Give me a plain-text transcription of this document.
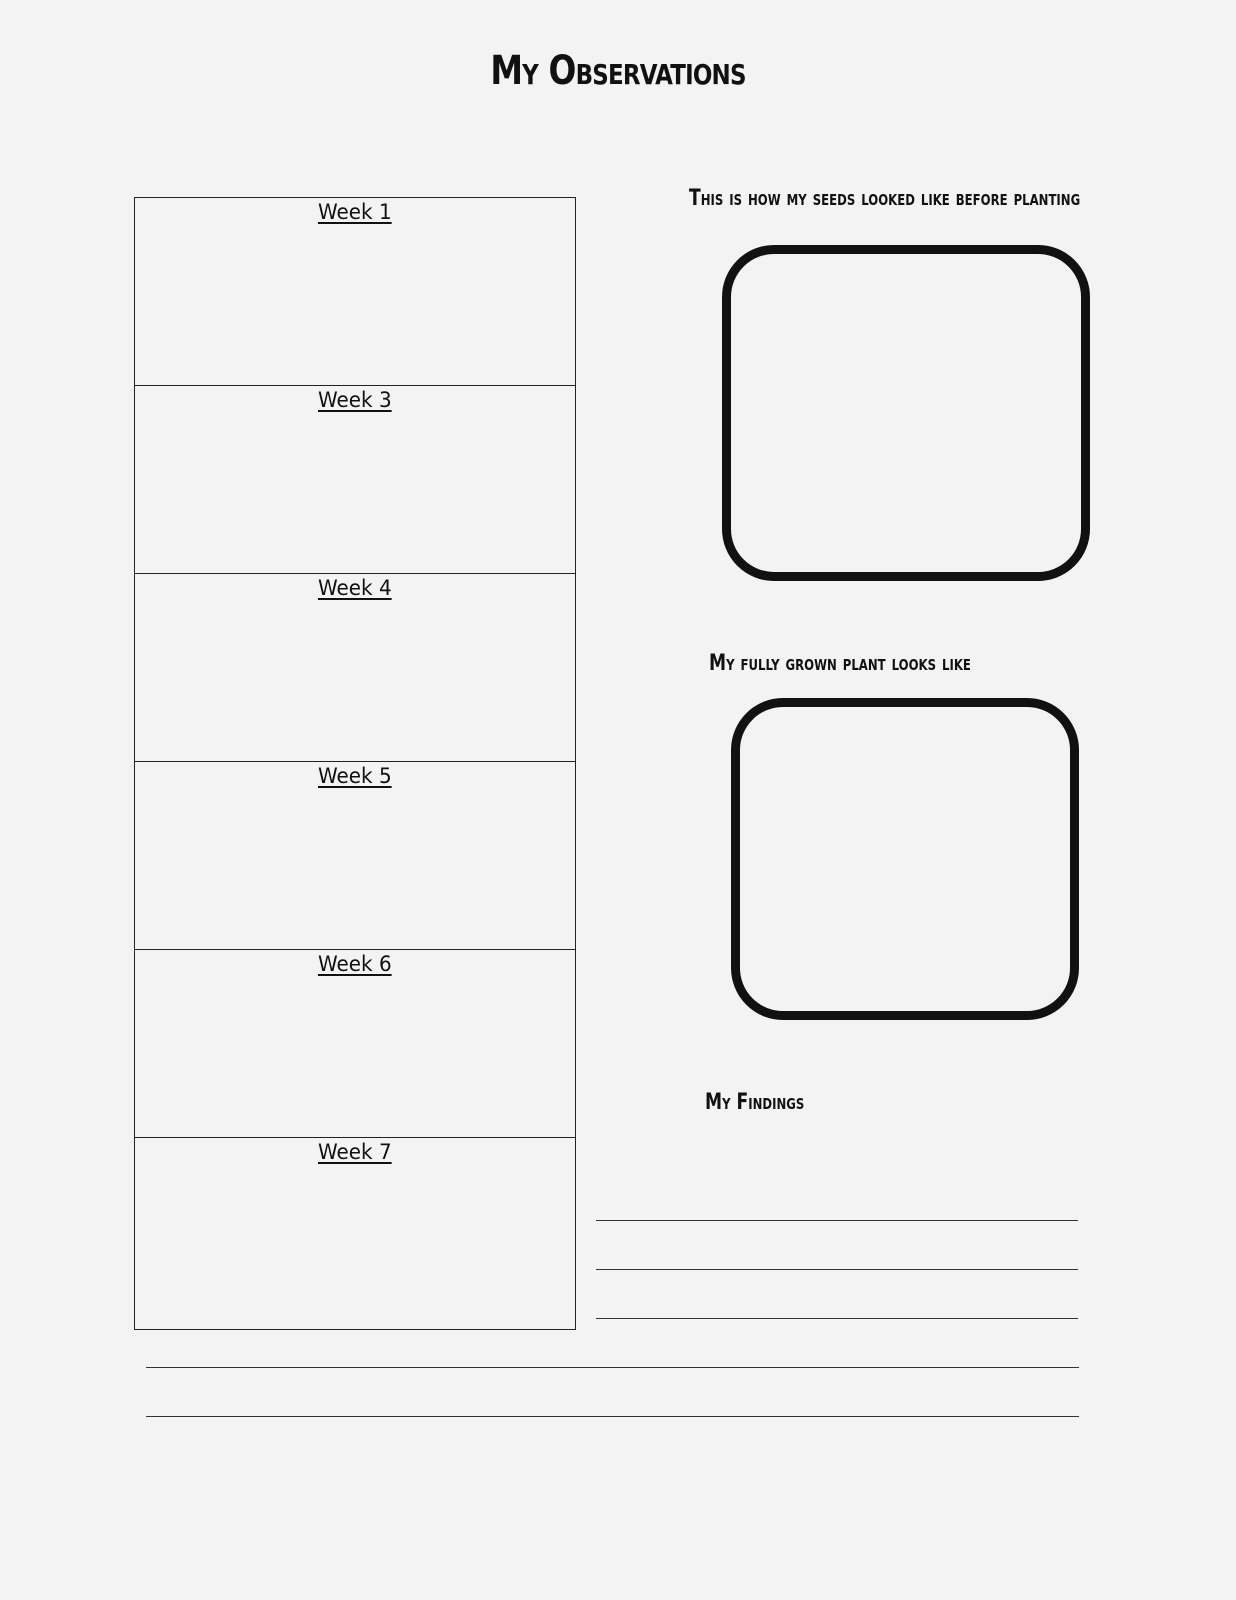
My Observations
Week 1
Week 3
Week 4
Week 5
Week 6
Week 7
This is how my seeds looked like before planting
My fully grown plant looks like
My Findings
